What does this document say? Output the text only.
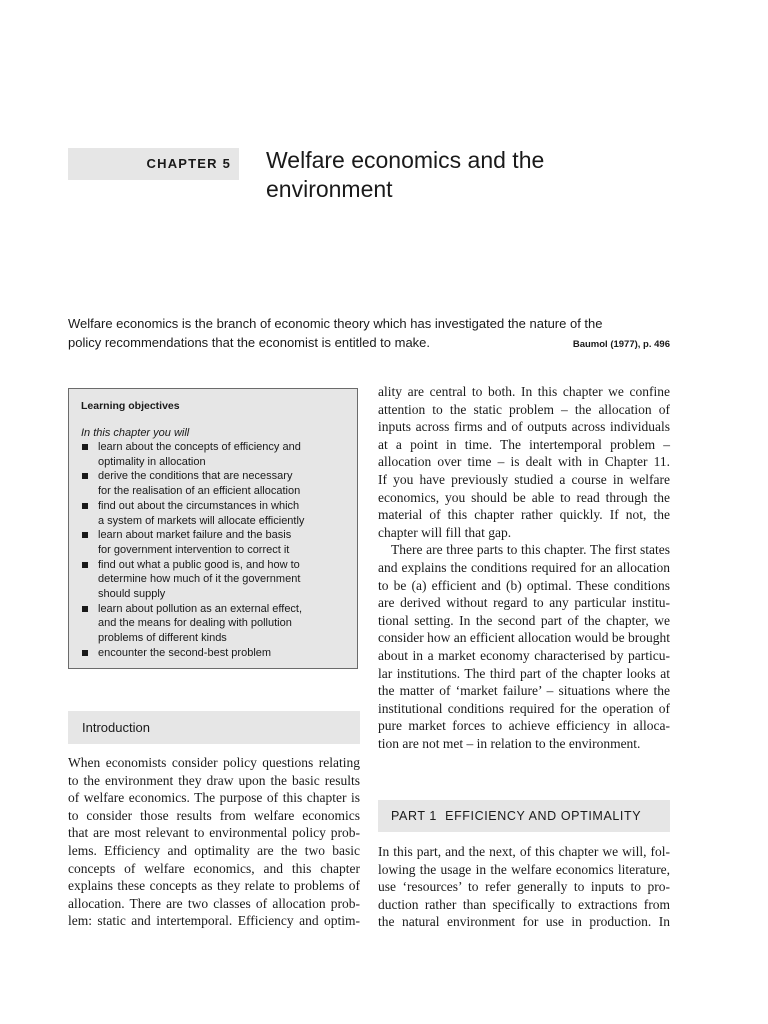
CHAPTER 5 Welfare economics and the
environment
Welfare economics is the branch of economic theory which has investigated the nature of the
policy recommendations that the economist is entitled to make.	Baumol (1977), p. 496
Learning objectives
In this chapter you will
learn about the concepts of efficiency and
optimality in allocation
derive the conditions that are necessary
for the realisation of an efficient allocation
find out about the circumstances in which
a system of markets will allocate efficiently
learn about market failure and the basis
for government intervention to correct it
find out what a public good is, and how to
determine how much of it the government
should supply
learn about pollution as an external effect,
and the means for dealing with pollution
problems of different kinds
encounter the second-best problem
Introduction
When economists consider policy questions relating
to the environment they draw upon the basic results
of welfare economics. The purpose of this chapter is
to consider those results from welfare economics
that are most relevant to environmental policy prob-
lems. Efficiency and optimality are the two basic
concepts of welfare economics, and this chapter
explains these concepts as they relate to problems of
allocation. There are two classes of allocation prob-
lem: static and intertemporal. Efficiency and optim-
ality are central to both. In this chapter we confine
attention to the static problem – the allocation of
inputs across firms and of outputs across individuals
at a point in time. The intertemporal problem –
allocation over time – is dealt with in Chapter 11.
If you have previously studied a course in welfare
economics, you should be able to read through the
material of this chapter rather quickly. If not, the
chapter will fill that gap.
There are three parts to this chapter. The first states
and explains the conditions required for an allocation
to be (a) efficient and (b) optimal. These conditions
are derived without regard to any particular institu-
tional setting. In the second part of the chapter, we
consider how an efficient allocation would be brought
about in a market economy characterised by particu-
lar institutions. The third part of the chapter looks at
the matter of ‘market failure’ – situations where the
institutional conditions required for the operation of
pure market forces to achieve efficiency in alloca-
tion are not met – in relation to the environment.
PART 1  EFFICIENCY AND OPTIMALITY
In this part, and the next, of this chapter we will, fol-
lowing the usage in the welfare economics literature,
use ‘resources’ to refer generally to inputs to pro-
duction rather than specifically to extractions from
the natural environment for use in production. In
